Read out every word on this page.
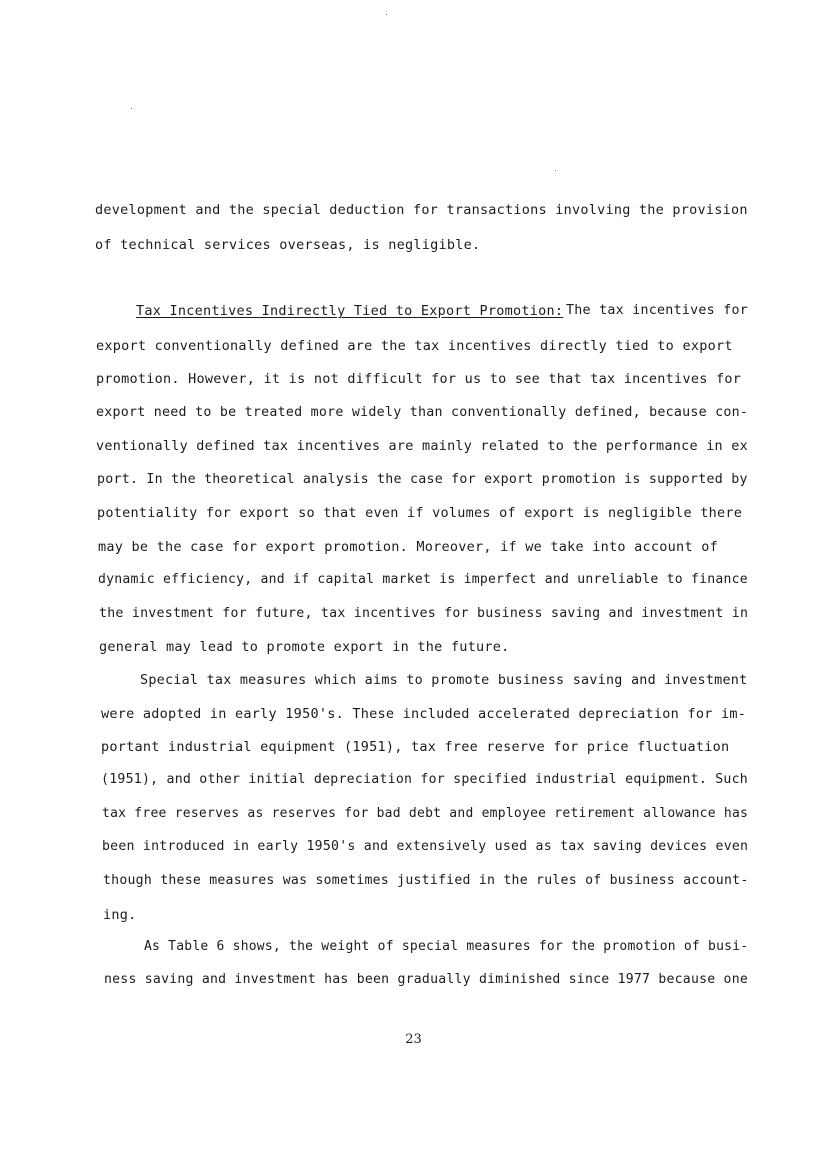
development and the special deduction for transactions involving the provision
of technical services overseas, is negligible.
Tax Incentives Indirectly Tied to Export Promotion: The tax incentives for
export conventionally defined are the tax incentives directly tied to export
promotion. However, it is not difficult for us to see that tax incentives for
export need to be treated more widely than conventionally defined, because con-
ventionally defined tax incentives are mainly related to the performance in ex
port. In the theoretical analysis the case for export promotion is supported by
potentiality for export so that even if volumes of export is negligible there
may be the case for export promotion. Moreover, if we take into account of
dynamic efficiency, and if capital market is imperfect and unreliable to finance
the investment for future, tax incentives for business saving and investment in
general may lead to promote export in the future.
Special tax measures which aims to promote business saving and investment
were adopted in early 1950's. These included accelerated depreciation for im-
portant industrial equipment (1951), tax free reserve for price fluctuation
(1951), and other initial depreciation for specified industrial equipment. Such
tax free reserves as reserves for bad debt and employee retirement allowance has
been introduced in early 1950's and extensively used as tax saving devices even
though these measures was sometimes justified in the rules of business account-
ing.
As Table 6 shows, the weight of special measures for the promotion of busi-
ness saving and investment has been gradually diminished since 1977 because one
23
